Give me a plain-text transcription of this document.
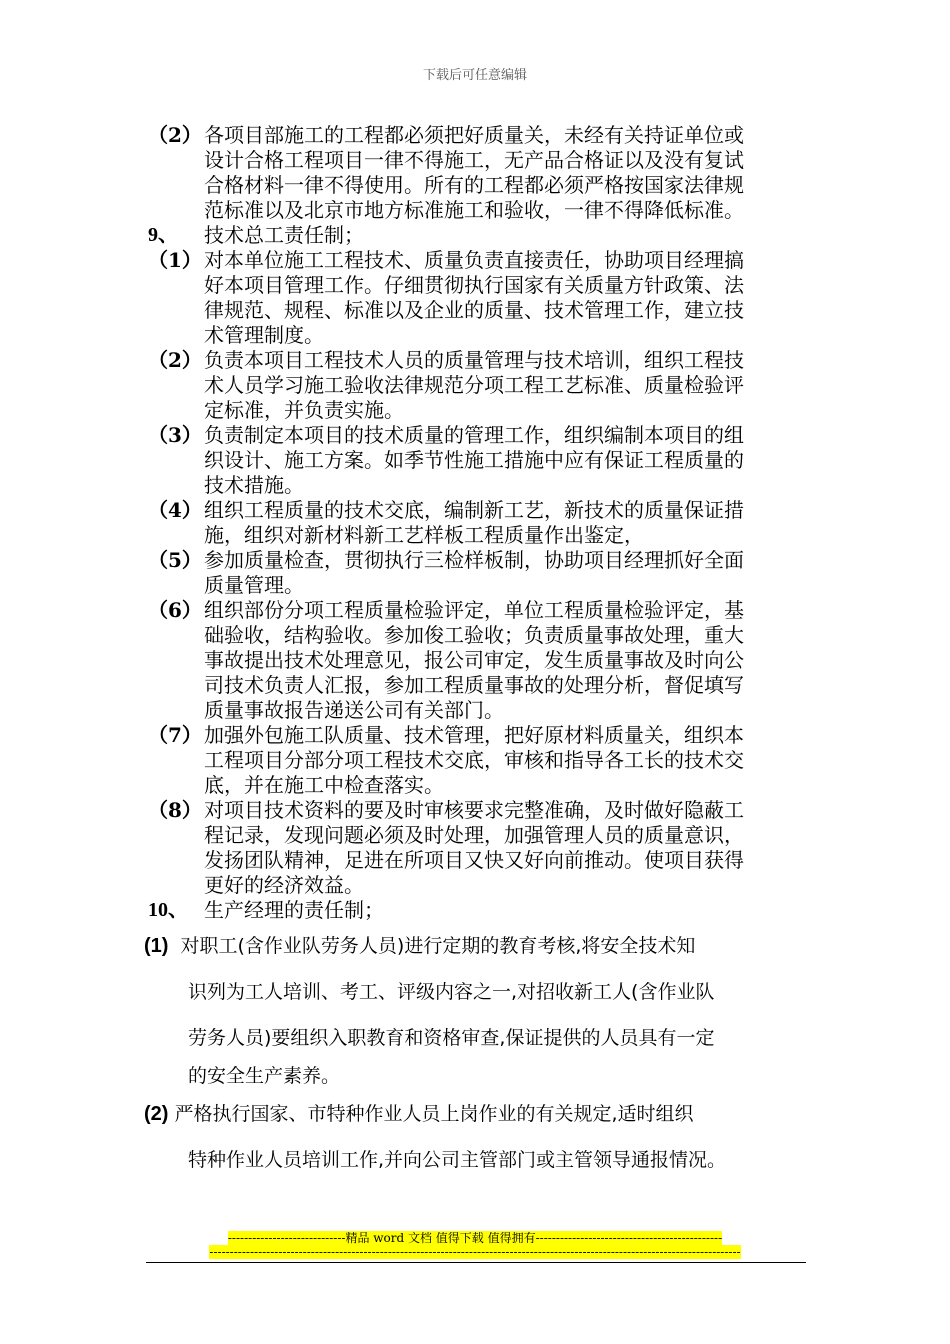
下载后可任意编辑
（2） 各项目部施工的工程都必须把好质量关，未经有关持证单位或
设计合格工程项目一律不得施工，无产品合格证以及没有复试
合格材料一律不得使用。所有的工程都必须严格按国家法律规
范标准以及北京市地方标准施工和验收，一律不得降低标准。
9、 技术总工责任制；
（1） 对本单位施工工程技术、质量负责直接责任，协助项目经理搞
好本项目管理工作。仔细贯彻执行国家有关质量方针政策、法
律规范、规程、标准以及企业的质量、技术管理工作，建立技
术管理制度。
（2） 负责本项目工程技术人员的质量管理与技术培训，组织工程技
术人员学习施工验收法律规范分项工程工艺标准、质量检验评
定标准，并负责实施。
（3） 负责制定本项目的技术质量的管理工作，组织编制本项目的组
织设计、施工方案。如季节性施工措施中应有保证工程质量的
技术措施。
（4） 组织工程质量的技术交底，编制新工艺，新技术的质量保证措
施，组织对新材料新工艺样板工程质量作出鉴定，
（5） 参加质量检查，贯彻执行三检样板制，协助项目经理抓好全面
质量管理。
（6） 组织部份分项工程质量检验评定，单位工程质量检验评定，基
础验收，结构验收。参加俊工验收；负责质量事故处理，重大
事故提出技术处理意见，报公司审定，发生质量事故及时向公
司技术负责人汇报，参加工程质量事故的处理分析，督促填写
质量事故报告递送公司有关部门。
（7） 加强外包施工队质量、技术管理，把好原材料质量关，组织本
工程项目分部分项工程技术交底，审核和指导各工长的技术交
底，并在施工中检查落实。
（8） 对项目技术资料的要及时审核要求完整准确，及时做好隐蔽工
程记录，发现问题必须及时处理，加强管理人员的质量意识，
发扬团队精神，足进在所项目又快又好向前推动。使项目获得
更好的经济效益。
10、 生产经理的责任制；
(1) 对职工(含作业队劳务人员)进行定期的教育考核,将安全技术知
识列为工人培训、考工、评级内容之一,对招收新工人(含作业队
劳务人员)要组织入职教育和资格审查,保证提供的人员具有一定
的安全生产素养。
(2) 严格执行国家、市特种作业人员上岗作业的有关规定,适时组织
特种作业人员培训工作,并向公司主管部门或主管领导通报情况。
-----------------------------精品 word 文档 值得下载 值得拥有----------------------------------------------
-----------------------------------------------------------------------------------------------------------------------------------
